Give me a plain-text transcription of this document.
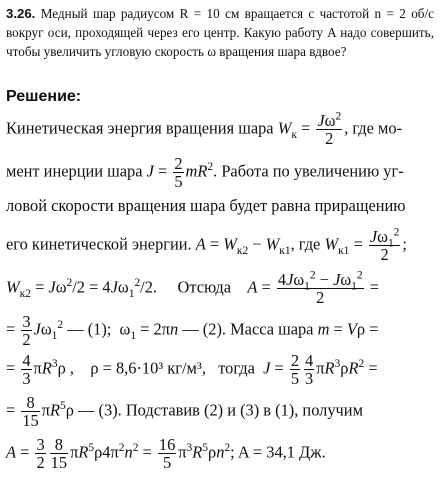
3.26. Медный шар радиусом R = 10 см вращается с частотой n = 2 об/с вокруг оси, проходящей через его центр. Какую работу A надо совершить, чтобы увеличить угловую скорость ω вращения шара вдвое?
Решение:
Кинетическая энергия вращения шара $W_к = \frac{J\omega^2}{2}$ , где мо-
мент инерции шара $J = \frac{2}{5} mR^2$. Работа по увеличению уг-
ловой скорости вращения шара будет равна приращению
его кинетической энергии. $A = W_{к2} - W_{к1}$, где $W_{к1} = \frac{J\omega_1^2}{2}$ ;
$W_{к2} = J\omega^2/2 = 4J\omega_1^2/2$.     Отсюда $A = \frac{4J\omega_1^2 - J\omega_1^2}{2}$ =
= $\frac{3}{2} J\omega_1^2$ — (1);  $\omega_1 = 2\pi n$ — (2). Масса шара m = Vρ =
= $\frac{4}{3} \pi R^3\rho$ ,    ρ = 8,6·10³ кг/м³, тогда $J = \frac{2}{5} \frac{4}{3} \pi R^3\rho R^2$ =
= $\frac{8}{15} \pi R^5\rho$ — (3). Подставив (2) и (3) в (1), получим
$A = \frac{3}{2} \frac{8}{15} \pi R^5\rho 4\pi^2n^2 = \frac{16}{5} \pi^3R^5\rho n^2$; A = 34,1 Дж.
